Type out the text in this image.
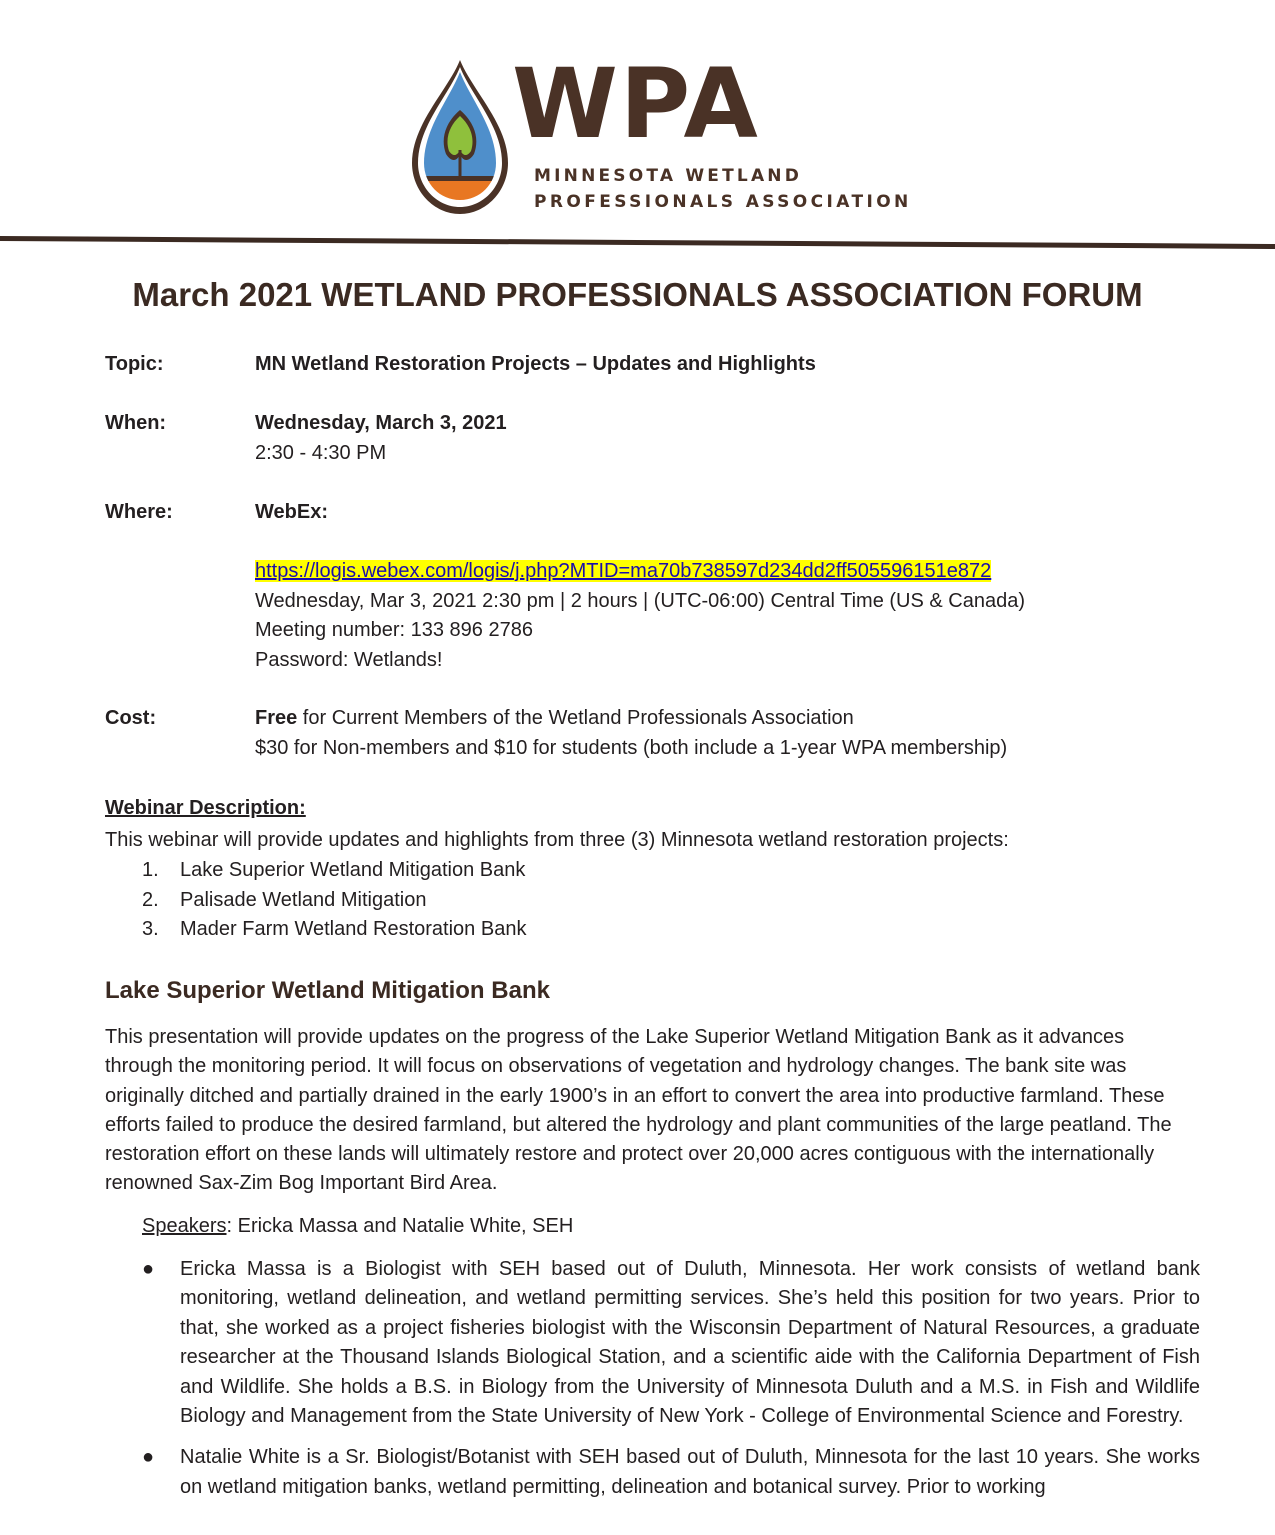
WPA
MINNESOTA WETLAND
PROFESSIONALS ASSOCIATION
March 2021 WETLAND PROFESSIONALS ASSOCIATION FORUM
Topic:	MN Wetland Restoration Projects – Updates and Highlights
When:	Wednesday, March 3, 2021
2:30 - 4:30 PM
Where:	WebEx:

https://logis.webex.com/logis/j.php?MTID=ma70b738597d234dd2ff505596151e872
Wednesday, Mar 3, 2021 2:30 pm | 2 hours | (UTC-06:00) Central Time (US & Canada)
Meeting number: 133 896 2786
Password: Wetlands!
Cost:	Free for Current Members of the Wetland Professionals Association
$30 for Non-members and $10 for students (both include a 1-year WPA membership)
Webinar Description:
This webinar will provide updates and highlights from three (3) Minnesota wetland restoration projects:
1. Lake Superior Wetland Mitigation Bank
2. Palisade Wetland Mitigation
3. Mader Farm Wetland Restoration Bank
Lake Superior Wetland Mitigation Bank

This presentation will provide updates on the progress of the Lake Superior Wetland Mitigation Bank as it advances through the monitoring period. It will focus on observations of vegetation and hydrology changes. The bank site was originally ditched and partially drained in the early 1900’s in an effort to convert the area into productive farmland. These efforts failed to produce the desired farmland, but altered the hydrology and plant communities of the large peatland. The restoration effort on these lands will ultimately restore and protect over 20,000 acres contiguous with the internationally renowned Sax-Zim Bog Important Bird Area.

Speakers: Ericka Massa and Natalie White, SEH
● Ericka Massa is a Biologist with SEH based out of Duluth, Minnesota. Her work consists of wetland bank monitoring, wetland delineation, and wetland permitting services. She’s held this position for two years. Prior to that, she worked as a project fisheries biologist with the Wisconsin Department of Natural Resources, a graduate researcher at the Thousand Islands Biological Station, and a scientific aide with the California Department of Fish and Wildlife. She holds a B.S. in Biology from the University of Minnesota Duluth and a M.S. in Fish and Wildlife Biology and Management from the State University of New York - College of Environmental Science and Forestry.
● Natalie White is a Sr. Biologist/Botanist with SEH based out of Duluth, Minnesota for the last 10 years. She works on wetland mitigation banks, wetland permitting, delineation and botanical survey. Prior to working
